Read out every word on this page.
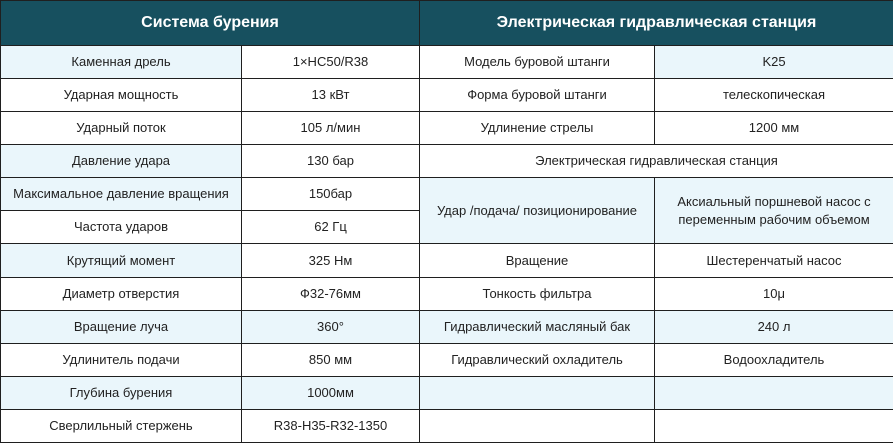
Система бурения		Электрическая гидравлическая станция	
Каменная дрель	1×HC50/R38	Модель буровой штанги	K25
Ударная мощность	13 кВт	Форма буровой штанги	телескопическая
Ударный поток	105 л/мин	Удлинение стрелы	1200 мм
Давление удара	130 бар	Электрическая гидравлическая станция	
Максимальное давление вращения	150бар	Удар /подача/ позиционирование	Аксиальный поршневой насос с переменным рабочим объемом
Частота ударов	62 Гц		
Крутящий момент	325 Нм	Вращение	Шестеренчатый насос
Диаметр отверстия	Ф32-76мм	Тонкость фильтра	10μ
Вращение луча	360°	Гидравлический масляный бак	240 л
Удлинитель подачи	850 мм	Гидравлический охладитель	Водоохладитель
Глубина бурения	1000мм		
Сверлильный стержень	R38-H35-R32-1350		
